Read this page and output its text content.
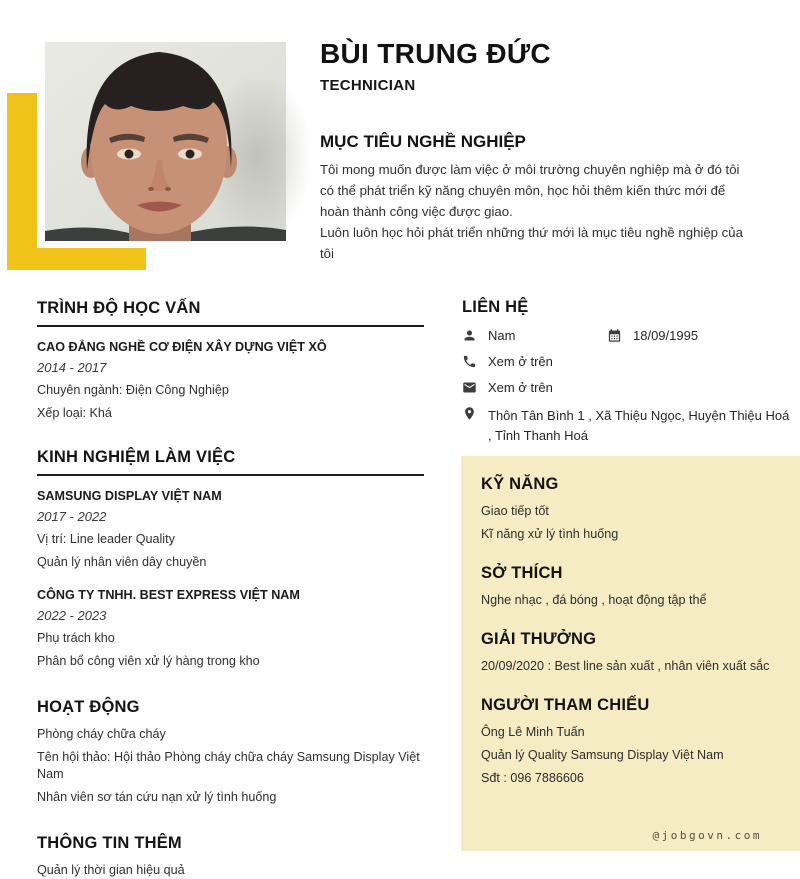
BÙI TRUNG ĐỨC
TECHNICIAN
MỤC TIÊU NGHỀ NGHIỆP

Tôi mong muốn được làm việc ở môi trường chuyên nghiệp mà ở đó tôi có thể phát triển kỹ năng chuyên môn, học hỏi thêm kiến thức mới để hoàn thành công việc được giao.

Luôn luôn học hỏi phát triển những thứ mới là mục tiêu nghề nghiệp của tôi

TRÌNH ĐỘ HỌC VẤN

CAO ĐẲNG NGHỀ CƠ ĐIỆN XÂY DỰNG VIỆT XÔ

2014 - 2017

Chuyên ngành: Điện Công Nghiệp

Xếp loại: Khá

KINH NGHIỆM LÀM VIỆC

SAMSUNG DISPLAY VIỆT NAM

2017 - 2022

Vị trí: Line leader Quality

Quản lý nhân viên dây chuyền

CÔNG TY TNHH. BEST EXPRESS VIỆT NAM

2022 - 2023

Phụ trách kho

Phân bổ công viên xử lý hàng trong kho

HOẠT ĐỘNG

Phòng cháy chữa cháy

Tên hội thảo: Hội thảo Phòng cháy chữa cháy Samsung Display Việt Nam

Nhân viên sơ tán cứu nạn xử lý tình huống

THÔNG TIN THÊM

Quản lý thời gian hiệu quả

LIÊN HỆ
Nam	18/09/1995
Xem ở trên
Xem ở trên
Thôn Tân Bình 1 , Xã Thiệu Ngọc, Huyện Thiệu Hoá , Tỉnh Thanh Hoá
KỸ NĂNG

Giao tiếp tốt

Kĩ năng xử lý tình huống

SỞ THÍCH

Nghe nhạc , đá bóng , hoạt động tập thể

GIẢI THƯỞNG

20/09/2020 : Best line sản xuất , nhân viên xuất sắc

NGƯỜI THAM CHIẾU

Ông Lê Minh Tuấn

Quản lý Quality Samsung Display Việt Nam

Sđt : 096 7886606

@jobgovn.com
